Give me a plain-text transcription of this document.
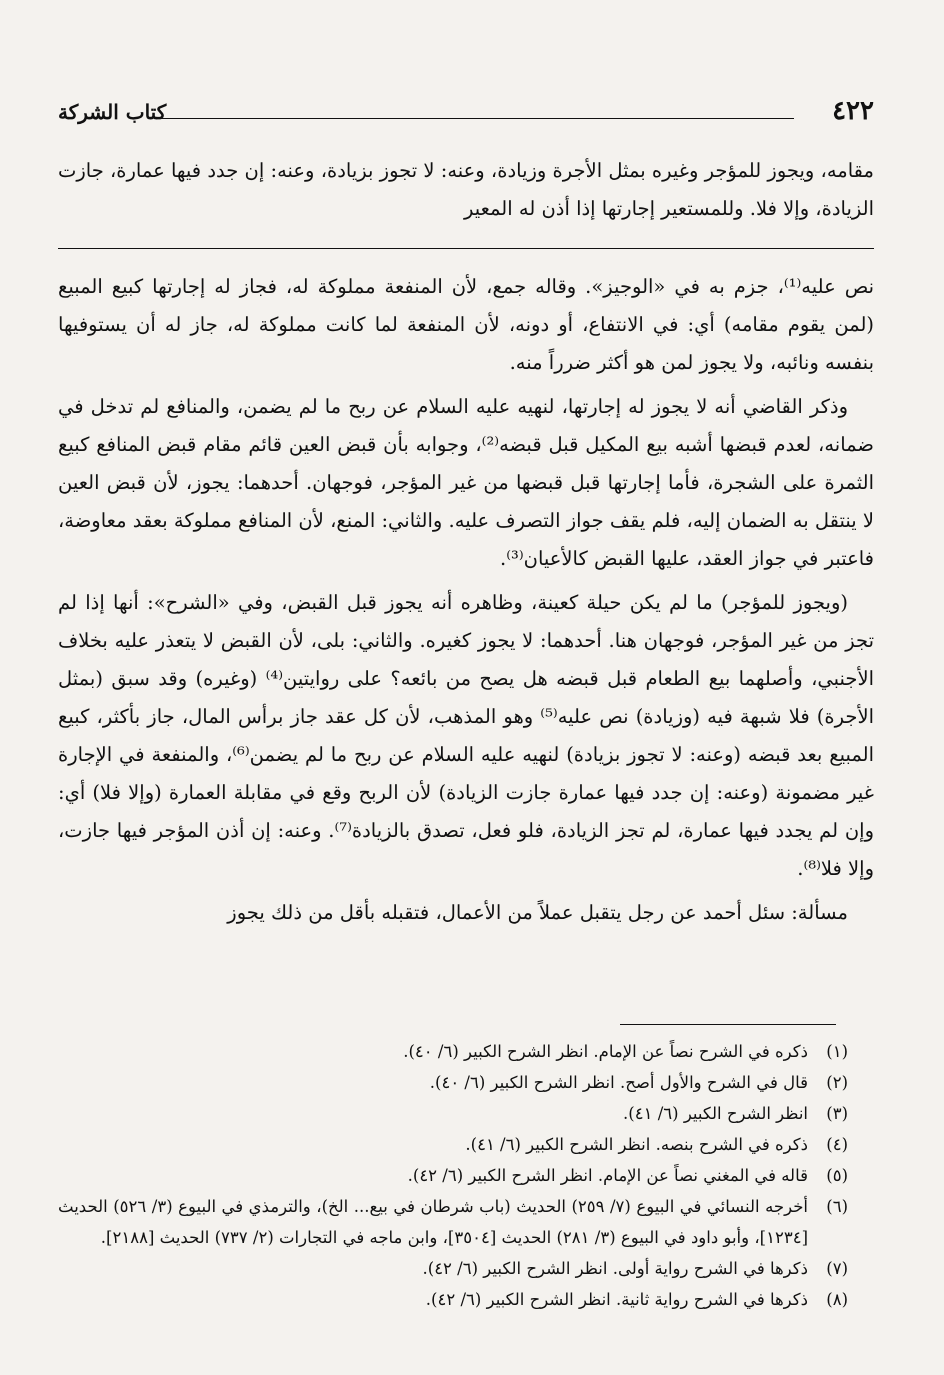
٤٢٢
كتاب الشركة
مقامه، ويجوز للمؤجر وغيره بمثل الأجرة وزيادة، وعنه: لا تجوز بزيادة، وعنه: إن جدد فيها عمارة، جازت الزيادة، وإلا فلا. وللمستعير إجارتها إذا أذن له المعير

نص عليه⁽¹⁾، جزم به في «الوجيز». وقاله جمع، لأن المنفعة مملوكة له، فجاز له إجارتها كبيع المبيع (لمن يقوم مقامه) أي: في الانتفاع، أو دونه، لأن المنفعة لما كانت مملوكة له، جاز له أن يستوفيها بنفسه ونائبه، ولا يجوز لمن هو أكثر ضرراً منه.

وذكر القاضي أنه لا يجوز له إجارتها، لنهيه عليه السلام عن ربح ما لم يضمن، والمنافع لم تدخل في ضمانه، لعدم قبضها أشبه بيع المكيل قبل قبضه⁽²⁾، وجوابه بأن قبض العين قائم مقام قبض المنافع كبيع الثمرة على الشجرة، فأما إجارتها قبل قبضها من غير المؤجر، فوجهان. أحدهما: يجوز، لأن قبض العين لا ينتقل به الضمان إليه، فلم يقف جواز التصرف عليه. والثاني: المنع، لأن المنافع مملوكة بعقد معاوضة، فاعتبر في جواز العقد، عليها القبض كالأعيان⁽³⁾.

(ويجوز للمؤجر) ما لم يكن حيلة كعينة، وظاهره أنه يجوز قبل القبض، وفي «الشرح»: أنها إذا لم تجز من غير المؤجر، فوجهان هنا. أحدهما: لا يجوز كغيره. والثاني: بلى، لأن القبض لا يتعذر عليه بخلاف الأجنبي، وأصلهما بيع الطعام قبل قبضه هل يصح من بائعه؟ على روايتين⁽⁴⁾ (وغيره) وقد سبق (بمثل الأجرة) فلا شبهة فيه (وزيادة) نص عليه⁽⁵⁾ وهو المذهب، لأن كل عقد جاز برأس المال، جاز بأكثر، كبيع المبيع بعد قبضه (وعنه: لا تجوز بزيادة) لنهيه عليه السلام عن ربح ما لم يضمن⁽⁶⁾، والمنفعة في الإجارة غير مضمونة (وعنه: إن جدد فيها عمارة جازت الزيادة) لأن الربح وقع في مقابلة العمارة (وإلا فلا) أي: وإن لم يجدد فيها عمارة، لم تجز الزيادة، فلو فعل، تصدق بالزيادة⁽⁷⁾. وعنه: إن أذن المؤجر فيها جازت، وإلا فلا⁽⁸⁾.

مسألة: سئل أحمد عن رجل يتقبل عملاً من الأعمال، فتقبله بأقل من ذلك يجوز

(١)
ذكره في الشرح نصاً عن الإمام. انظر الشرح الكبير (٦/ ٤٠).
(٢)
قال في الشرح والأول أصح. انظر الشرح الكبير (٦/ ٤٠).
(٣)
انظر الشرح الكبير (٦/ ٤١).
(٤)
ذكره في الشرح بنصه. انظر الشرح الكبير (٦/ ٤١).
(٥)
قاله في المغني نصاً عن الإمام. انظر الشرح الكبير (٦/ ٤٢).
(٦)
أخرجه النسائي في البيوع (٧/ ٢٥٩) الحديث (باب شرطان في بيع... الخ)، والترمذي في البيوع (٣/ ٥٢٦) الحديث [١٢٣٤]، وأبو داود في البيوع (٣/ ٢٨١) الحديث [٣٥٠٤]، وابن ماجه في التجارات (٢/ ٧٣٧) الحديث [٢١٨٨].
(٧)
ذكرها في الشرح رواية أولى. انظر الشرح الكبير (٦/ ٤٢).
(٨)
ذكرها في الشرح رواية ثانية. انظر الشرح الكبير (٦/ ٤٢).
